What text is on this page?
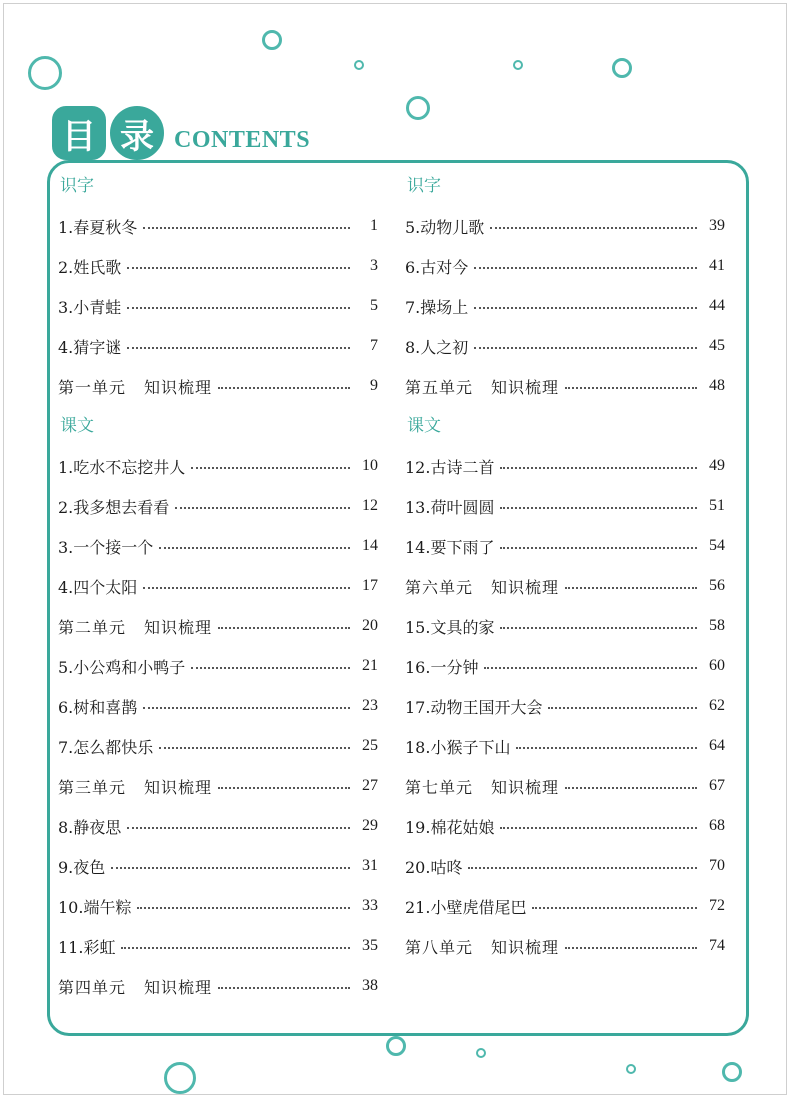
目 录 CONTENTS
识字
1.春夏秋冬	1
2.姓氏歌	3
3.小青蛙	5
4.猜字谜	7
第一单元 知识梳理	9
课文
1.吃水不忘挖井人	10
2.我多想去看看	12
3.一个接一个	14
4.四个太阳	17
第二单元 知识梳理	20
5.小公鸡和小鸭子	21
6.树和喜鹊	23
7.怎么都快乐	25
第三单元 知识梳理	27
8.静夜思	29
9.夜色	31
10.端午粽	33
11.彩虹	35
第四单元 知识梳理	38
识字
5.动物儿歌	39
6.古对今	41
7.操场上	44
8.人之初	45
第五单元 知识梳理	48
课文
12.古诗二首	49
13.荷叶圆圆	51
14.要下雨了	54
第六单元 知识梳理	56
15.文具的家	58
16.一分钟	60
17.动物王国开大会	62
18.小猴子下山	64
第七单元 知识梳理	67
19.棉花姑娘	68
20.咕咚	70
21.小壁虎借尾巴	72
第八单元 知识梳理	74
